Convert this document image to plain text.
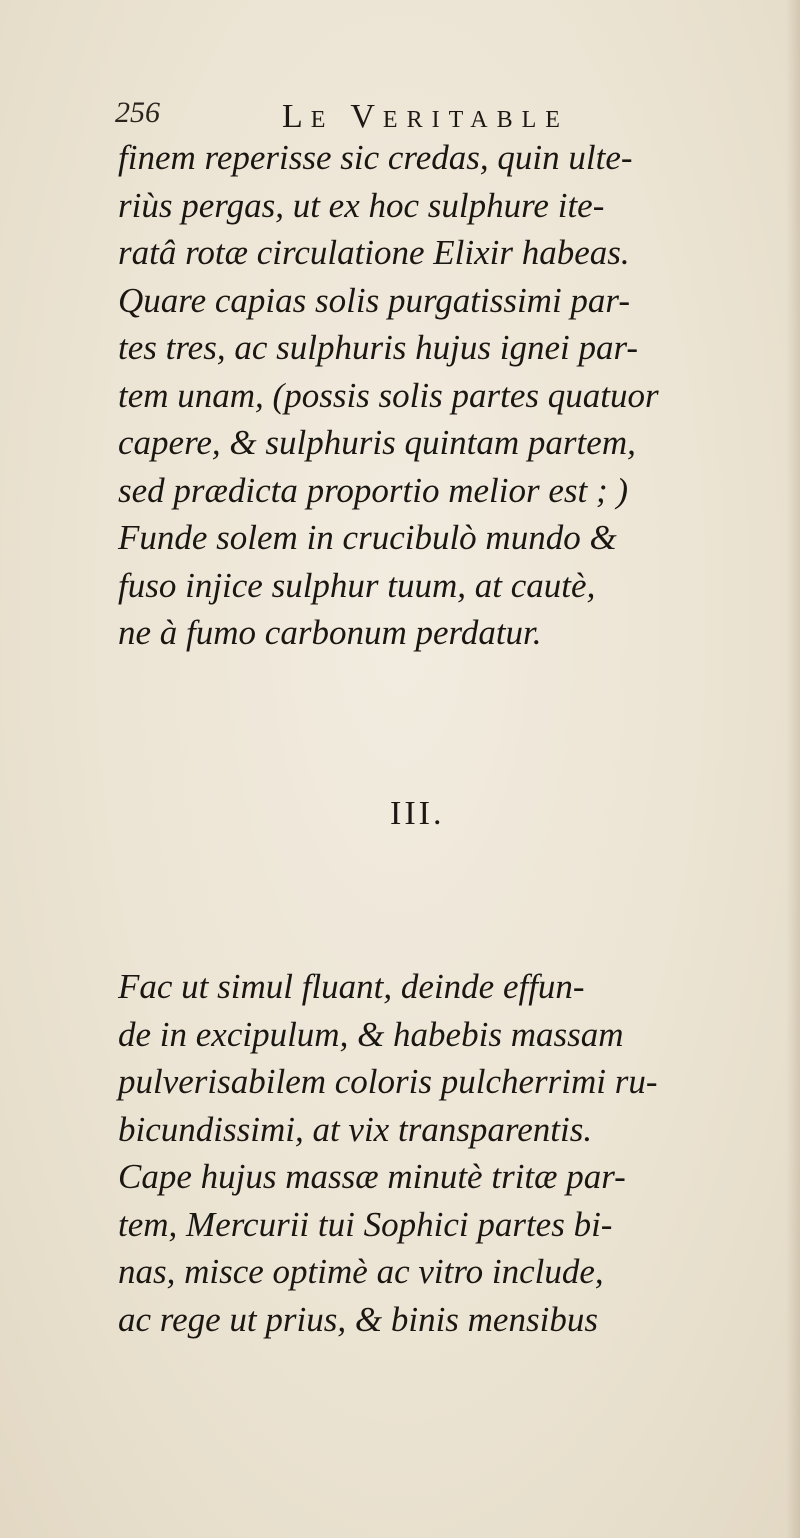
256	LE VERITABLE
finem reperisse sic credas, quin ulte-
riùs pergas, ut ex hoc sulphure ite-
ratâ rotæ circulatione Elixir habeas.
Quare capias solis purgatissimi par-
tes tres, ac sulphuris hujus ignei par-
tem unam, (possis solis partes quatuor
capere, & sulphuris quintam partem,
sed prædicta proportio melior est ; )
Funde solem in crucibulò mundo &
fuso injice sulphur tuum, at cautè,
ne à fumo carbonum perdatur.
III.
Fac ut simul fluant, deinde effun-
de in excipulum, & habebis massam
pulverisabilem coloris pulcherrimi ru-
bicundissimi, at vix transparentis.
Cape hujus massæ minutè tritæ par-
tem, Mercurii tui Sophici partes bi-
nas, misce optimè ac vitro include,
ac rege ut prius, & binis mensibus
